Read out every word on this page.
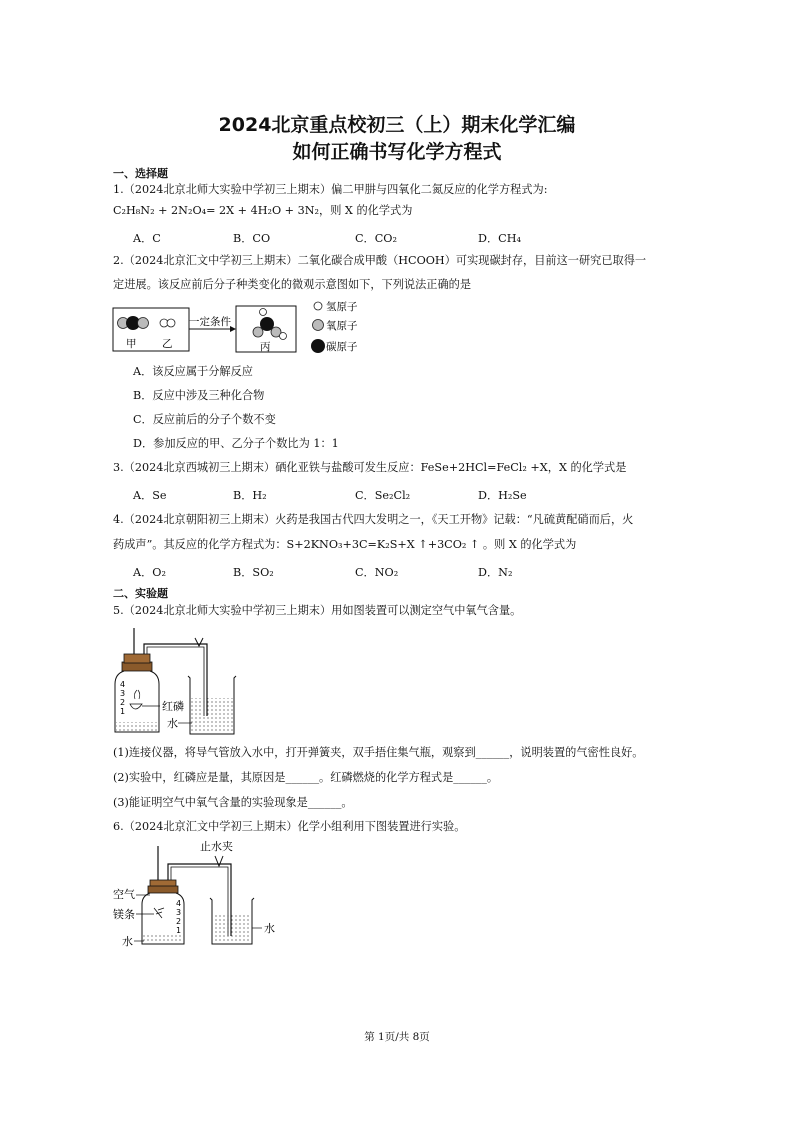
2024北京重点校初三（上）期末化学汇编
如何正确书写化学方程式
一、选择题
1.（2024北京北师大实验中学初三上期末）偏二甲肼与四氧化二氮反应的化学方程式为:
C₂H₈N₂ + 2N₂O₄= 2X + 4H₂O + 3N₂，则 X 的化学式为
A．C	B．CO	C．CO₂	D．CH₄
2.（2024北京汇文中学初三上期末）二氧化碳合成甲酸（HCOOH）可实现碳封存，目前这一研究已取得一
定进展。该反应前后分子种类变化的微观示意图如下，下列说法正确的是
甲 乙
一定条件
丙
氢原子
氧原子
碳原子
A．该反应属于分解反应
B．反应中涉及三种化合物
C．反应前后的分子个数不变
D．参加反应的甲、乙分子个数比为 1：1
3.（2024北京西城初三上期末）硒化亚铁与盐酸可发生反应：FeSe+2HCl=FeCl₂ +X，X 的化学式是
A．Se	B．H₂	C．Se₂Cl₂	D．H₂Se
4.（2024北京朝阳初三上期末）火药是我国古代四大发明之一，《天工开物》记载：“凡硫黄配硝而后，火
药成声”。其反应的化学方程式为：S+2KNO₃+3C=K₂S+X ↑+3CO₂ ↑ 。则 X 的化学式为
A．O₂	B．SO₂	C．NO₂	D．N₂
二、实验题
5.（2024北京北师大实验中学初三上期末）用如图装置可以测定空气中氧气含量。
4
3
2
1	红磷
水
(1)连接仪器，将导气管放入水中，打开弹簧夹，双手捂住集气瓶，观察到______，说明装置的气密性良好。
(2)实验中，红磷应是量，其原因是______。红磷燃烧的化学方程式是______。
(3)能证明空气中氧气含量的实验现象是______。
6.（2024北京汇文中学初三上期末）化学小组利用下图装置进行实验。
止水夹
4
3
2
1
空气
镁条
水
水
第 1页/共 8页
